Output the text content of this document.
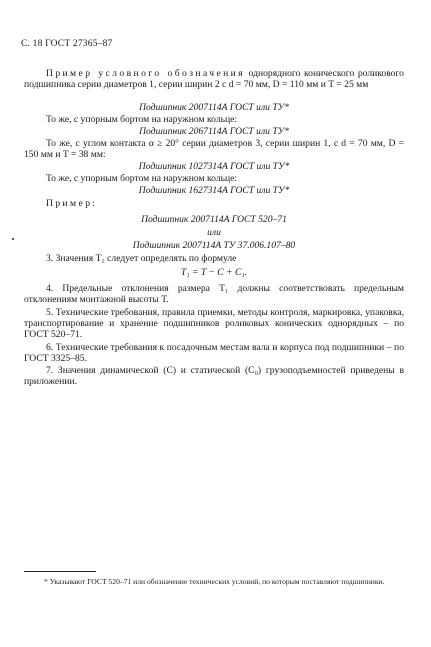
С. 18 ГОСТ 27365–87

Пример условного обозначения однорядного конического роликового подшипника серии диаметров 1, серии ширин 2 с d = 70 мм, D = 110 мм и T = 25 мм

Подшипник 2007114A ГОСТ или ТУ*

То же, с упорным бортом на наружном кольце:

Подшипник 2067114A ГОСТ или ТУ*

То же, с углом контакта α ≥ 20° серии диаметров 3, серии ширин 1, с d = 70 мм, D = 150 мм и T = 38 мм:

Подшипник 1027314A ГОСТ или ТУ*

То же, с упорным бортом на наружном кольце:

Подшипник 1627314A ГОСТ или ТУ*

Пример:

Подшипник 2007114A ГОСТ 520–71

или

Подшипник 2007114A ТУ 37.006.107–80

3. Значения T₁ следует определять по формуле

T₁ = T − C + C₁.

4. Предельные отклонения размера T₁ должны соответствовать предельным отклонениям монтажной высоты T.

5. Технические требования, правила приемки, методы контроля, маркировка, упаковка, транспортирование и хранение подшипников роликовых конических однорядных – по ГОСТ 520–71.

6. Технические требования к посадочным местам вала и корпуса под подшипники – по ГОСТ 3325–85.

7. Значения динамической (C) и статической (C₀) грузоподъемностей приведены в приложении.

* Указывают ГОСТ 520–71 или обозначение технических условий, по которым поставляют подшипники.
